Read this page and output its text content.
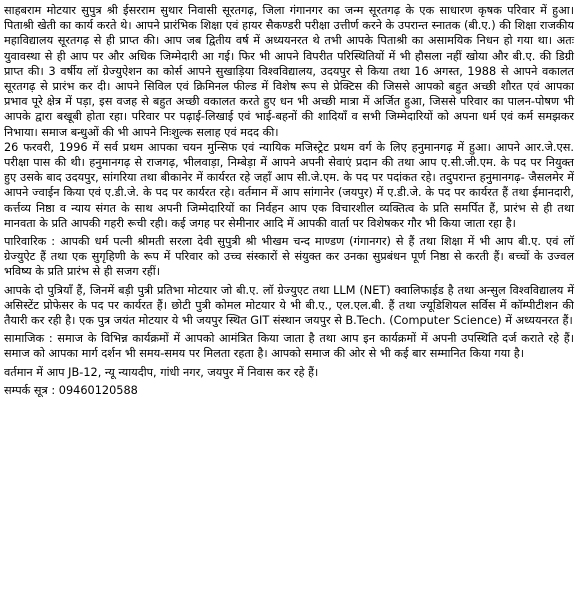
साहबराम मोटयार सुपुत्र श्री ईसरराम सुथार निवासी सूरतगढ़, जिला गंगानगर का जन्म सूरतगढ़ के एक साधारण कृषक परिवार में हुआ। पिताश्री खेती का कार्य करते थे। आपने प्रारंभिक शिक्षा एवं हायर सैकण्डरी परीक्षा उत्तीर्ण करने के उपरान्त स्नातक (बी.ए.) की शिक्षा राजकीय महाविद्यालय सूरतगढ़ से ही प्राप्त की। आप जब द्वितीय वर्ष में अध्ययनरत थे तभी आपके पिताश्री का असामयिक निधन हो गया था। अतः युवावस्था से ही आप पर और अधिक जिम्मेदारी आ गई। फिर भी आपने विपरीत परिस्थितियों में भी हौसला नहीं खोया और बी.ए. की डिग्री प्राप्त की। 3 वर्षीय लॉ ग्रेज्युऐशन का कोर्स आपने सुखाड़िया विश्वविद्यालय, उदयपुर से किया तथा 16 अगस्त, 1988 से आपने वकालत सूरतगढ़ से प्रारंभ कर दी। आपने सिविल एवं क्रिमिनल फील्ड में विशेष रूप से प्रेक्टिस की जिससे आपको बहुत अच्छी शौरत एवं आपका प्रभाव पूरे क्षेत्र में पड़ा, इस वजह से बहुत अच्छी वकालत करते हुए धन भी अच्छी मात्रा में अर्जित हुआ, जिससे परिवार का पालन-पोषण भी आपके द्वारा बखूबी होता रहा। परिवार पर पढ़ाई-लिखाई एवं भाई-बहनों की शादियाँ व सभी जिम्मेदारियों को अपना धर्म एवं कर्म समझकर निभाया। समाज बन्धुओं की भी आपने निःशुल्क सलाह एवं मदद की।

26 फरवरी, 1996 में सर्व प्रथम आपका चयन मुन्सिफ एवं न्यायिक मजिस्ट्रेट प्रथम वर्ग के लिए हनुमानगढ़ में हुआ। आपने आर.जे.एस. परीक्षा पास की थी। हनुमानगढ़ से राजगढ़, भीलवाड़ा, निम्बेड़ा में आपने अपनी सेवाएं प्रदान की तथा आप ए.सी.जी.एम. के पद पर नियुक्त हुए उसके बाद उदयपुर, सांगरिया तथा बीकानेर में कार्यरत रहे जहाँ आप सी.जे.एम. के पद पर पदांकत रहे। तदुपरान्त हनुमानगढ़- जैसलमेर में आपने ज्वाईन किया एवं ए.डी.जे. के पद पर कार्यरत रहे। वर्तमान में आप सांगानेर (जयपुर) में ए.डी.जे. के पद पर कार्यरत हैं तथा ईमानदारी, कर्त्तव्य निष्ठा व न्याय संगत के साथ अपनी जिम्मेदारियों का निर्वहन आप एक विचारशील व्यक्तित्व के प्रति समर्पित हैं, प्रारंभ से ही तथा मानवता के प्रति आपकी गहरी रूची रही। कई जगह पर सेमीनार आदि में आपकी वार्ता पर विशेषकर गौर भी किया जाता रहा है।

पारिवारिक : आपकी धर्म पत्नी श्रीमती सरला देवी सुपुत्री श्री भीखम चन्द माण्डण (गंगानगर) से हैं तथा शिक्षा में भी आप बी.ए. एवं लॉ ग्रेज्युऐट हैं तथा एक सुगृहिणी के रूप में परिवार को उच्च संस्कारों से संयुक्त कर उनका सुप्रबंधन पूर्ण निष्ठा से करती हैं। बच्चों के उज्वल भविष्य के प्रति प्रारंभ से ही सजग रहीं।

आपके दो पुत्रियाँ हैं, जिनमें बड़ी पुत्री प्रतिभा मोटयार जो बी.ए. लॉ ग्रेज्युएट तथा LLM (NET) क्वालिफाईड है तथा अन्सुल विश्वविद्यालय में असिस्टेंट प्रोफेसर के पद पर कार्यरत हैं। छोटी पुत्री कोमल मोटयार ये भी बी.ए., एल.एल.बी. हैं तथा ज्यूडिशियल सर्विस में कॉम्पीटीशन की तैयारी कर रही है। एक पुत्र जयंत मोटयार ये भी जयपुर स्थित GIT संस्थान जयपुर से B.Tech. (Computer Science) में अध्ययनरत हैं।

सामाजिक : समाज के विभिन्न कार्यक्रमों में आपको आमंत्रित किया जाता है तथा आप इन कार्यक्रमों में अपनी उपस्थिति दर्ज कराते रहे हैं। समाज को आपका मार्ग दर्शन भी समय-समय पर मिलता रहता है। आपको समाज की ओर से भी कई बार सम्मानित किया गया है।

वर्तमान में आप JB-12, न्यू न्यायदीप, गांधी नगर, जयपुर में निवास कर रहे हैं।

सम्पर्क सूत्र : 09460120588
